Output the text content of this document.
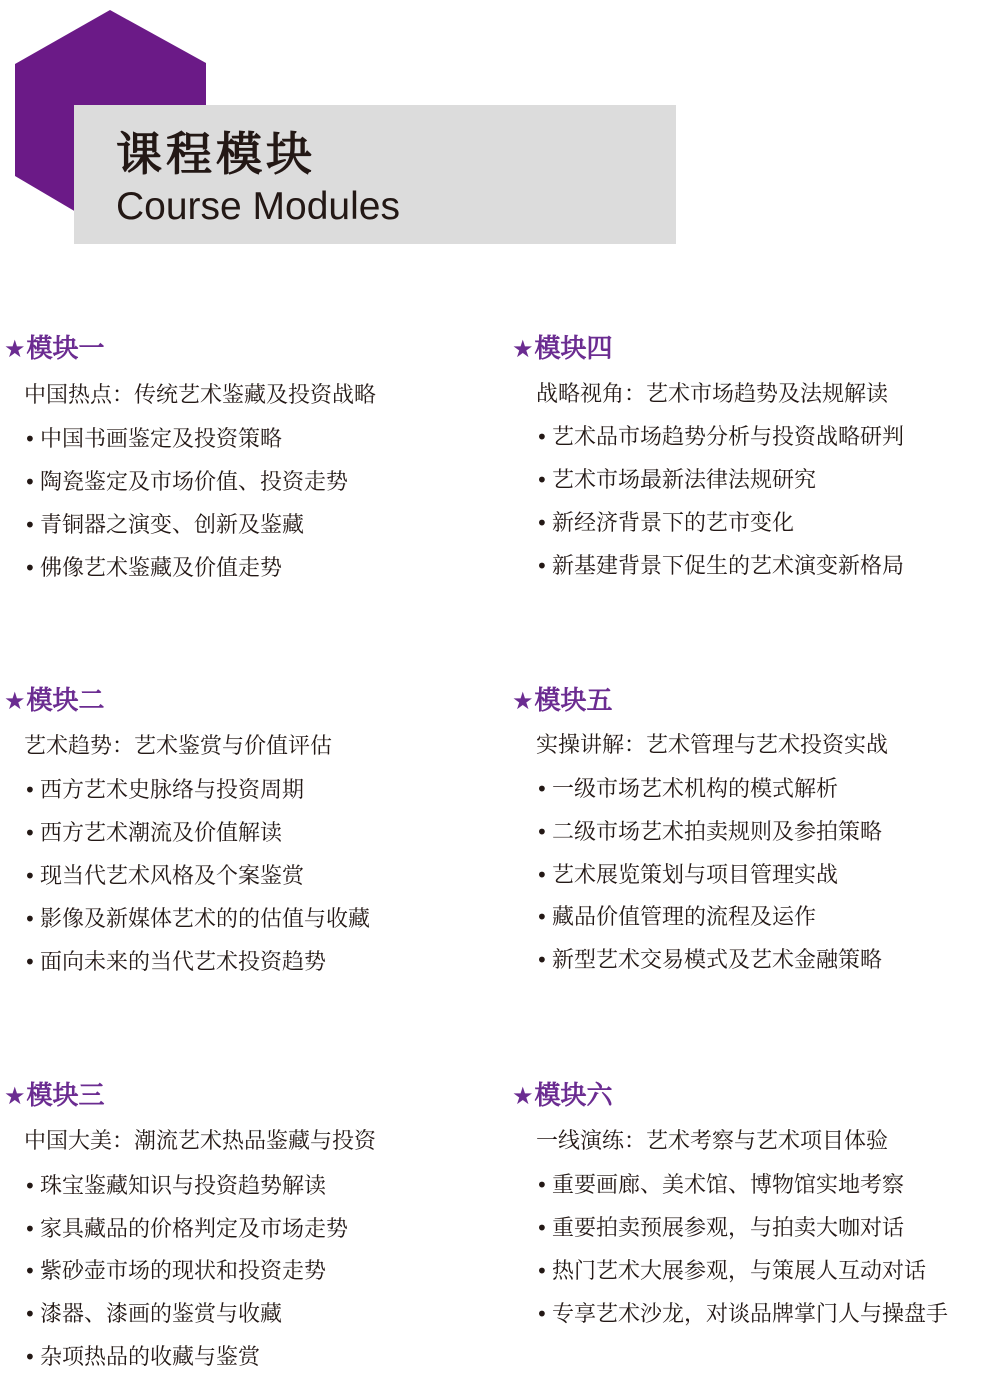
课程模块
Course Modules
★模块一
中国热点：传统艺术鉴藏及投资战略
• 中国书画鉴定及投资策略
• 陶瓷鉴定及市场价值、投资走势
• 青铜器之演变、创新及鉴藏
• 佛像艺术鉴藏及价值走势
★模块二
艺术趋势：艺术鉴赏与价值评估
• 西方艺术史脉络与投资周期
• 西方艺术潮流及价值解读
• 现当代艺术风格及个案鉴赏
• 影像及新媒体艺术的的估值与收藏
• 面向未来的当代艺术投资趋势
★模块三
中国大美：潮流艺术热品鉴藏与投资
• 珠宝鉴藏知识与投资趋势解读
• 家具藏品的价格判定及市场走势
• 紫砂壶市场的现状和投资走势
• 漆器、漆画的鉴赏与收藏
• 杂项热品的收藏与鉴赏
★模块四
战略视角：艺术市场趋势及法规解读
• 艺术品市场趋势分析与投资战略研判
• 艺术市场最新法律法规研究
• 新经济背景下的艺市变化
• 新基建背景下促生的艺术演变新格局
★模块五
实操讲解：艺术管理与艺术投资实战
• 一级市场艺术机构的模式解析
• 二级市场艺术拍卖规则及参拍策略
• 艺术展览策划与项目管理实战
• 藏品价值管理的流程及运作
• 新型艺术交易模式及艺术金融策略
★模块六
一线演练：艺术考察与艺术项目体验
• 重要画廊、美术馆、博物馆实地考察
• 重要拍卖预展参观，与拍卖大咖对话
• 热门艺术大展参观，与策展人互动对话
• 专享艺术沙龙，对谈品牌掌门人与操盘手
